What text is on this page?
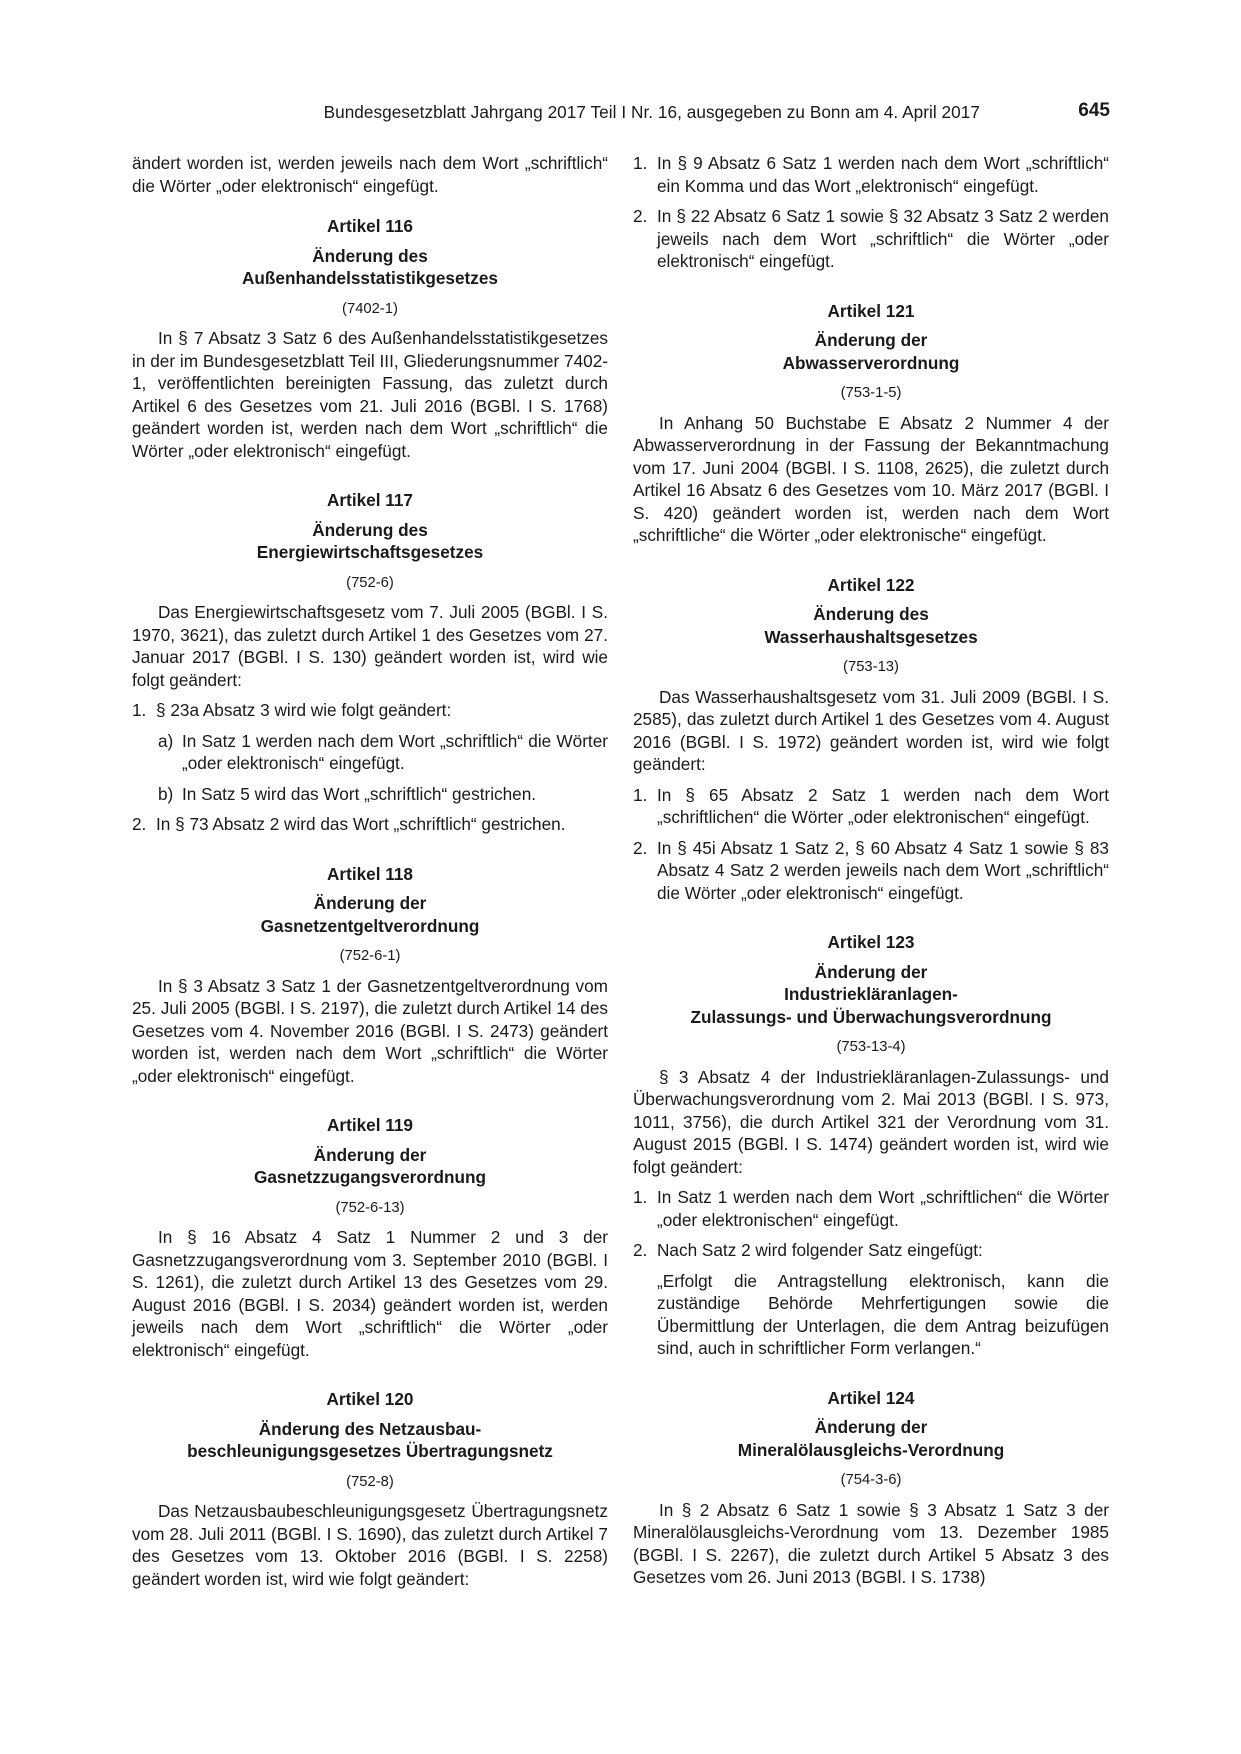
Bundesgesetzblatt Jahrgang 2017 Teil I Nr. 16, ausgegeben zu Bonn am 4. April 2017	645

ändert worden ist, werden jeweils nach dem Wort „schriftlich“ die Wörter „oder elektronisch“ eingefügt.

Artikel 116
Änderung des
Außenhandelsstatistikgesetzes
(7402-1)

In § 7 Absatz 3 Satz 6 des Außenhandelsstatistikgesetzes in der im Bundesgesetzblatt Teil III, Gliederungsnummer 7402-1, veröffentlichten bereinigten Fassung, das zuletzt durch Artikel 6 des Gesetzes vom 21. Juli 2016 (BGBl. I S. 1768) geändert worden ist, werden nach dem Wort „schriftlich“ die Wörter „oder elektronisch“ eingefügt.

Artikel 117
Änderung des
Energiewirtschaftsgesetzes
(752-6)

Das Energiewirtschaftsgesetz vom 7. Juli 2005 (BGBl. I S. 1970, 3621), das zuletzt durch Artikel 1 des Gesetzes vom 27. Januar 2017 (BGBl. I S. 130) geändert worden ist, wird wie folgt geändert:

1. § 23a Absatz 3 wird wie folgt geändert:
a) In Satz 1 werden nach dem Wort „schriftlich“ die Wörter „oder elektronisch“ eingefügt.
b) In Satz 5 wird das Wort „schriftlich“ gestrichen.
2. In § 73 Absatz 2 wird das Wort „schriftlich“ gestrichen.
Artikel 118
Änderung der
Gasnetzentgeltverordnung
(752-6-1)

In § 3 Absatz 3 Satz 1 der Gasnetzentgeltverordnung vom 25. Juli 2005 (BGBl. I S. 2197), die zuletzt durch Artikel 14 des Gesetzes vom 4. November 2016 (BGBl. I S. 2473) geändert worden ist, werden nach dem Wort „schriftlich“ die Wörter „oder elektronisch“ eingefügt.

Artikel 119
Änderung der
Gasnetzzugangsverordnung
(752-6-13)

In § 16 Absatz 4 Satz 1 Nummer 2 und 3 der Gasnetzzugangsverordnung vom 3. September 2010 (BGBl. I S. 1261), die zuletzt durch Artikel 13 des Gesetzes vom 29. August 2016 (BGBl. I S. 2034) geändert worden ist, werden jeweils nach dem Wort „schriftlich“ die Wörter „oder elektronisch“ eingefügt.

Artikel 120
Änderung des Netzausbau-
beschleunigungsgesetzes Übertragungsnetz
(752-8)

Das Netzausbaubeschleunigungsgesetz Übertragungsnetz vom 28. Juli 2011 (BGBl. I S. 1690), das zuletzt durch Artikel 7 des Gesetzes vom 13. Oktober 2016 (BGBl. I S. 2258) geändert worden ist, wird wie folgt geändert:

1. In § 9 Absatz 6 Satz 1 werden nach dem Wort „schriftlich“ ein Komma und das Wort „elektronisch“ eingefügt.
2. In § 22 Absatz 6 Satz 1 sowie § 32 Absatz 3 Satz 2 werden jeweils nach dem Wort „schriftlich“ die Wörter „oder elektronisch“ eingefügt.
Artikel 121
Änderung der
Abwasserverordnung
(753-1-5)

In Anhang 50 Buchstabe E Absatz 2 Nummer 4 der Abwasserverordnung in der Fassung der Bekanntmachung vom 17. Juni 2004 (BGBl. I S. 1108, 2625), die zuletzt durch Artikel 16 Absatz 6 des Gesetzes vom 10. März 2017 (BGBl. I S. 420) geändert worden ist, werden nach dem Wort „schriftliche“ die Wörter „oder elektronische“ eingefügt.

Artikel 122
Änderung des
Wasserhaushaltsgesetzes
(753-13)

Das Wasserhaushaltsgesetz vom 31. Juli 2009 (BGBl. I S. 2585), das zuletzt durch Artikel 1 des Gesetzes vom 4. August 2016 (BGBl. I S. 1972) geändert worden ist, wird wie folgt geändert:

1. In § 65 Absatz 2 Satz 1 werden nach dem Wort „schriftlichen“ die Wörter „oder elektronischen“ eingefügt.
2. In § 45i Absatz 1 Satz 2, § 60 Absatz 4 Satz 1 sowie § 83 Absatz 4 Satz 2 werden jeweils nach dem Wort „schriftlich“ die Wörter „oder elektronisch“ eingefügt.
Artikel 123
Änderung der
Industriekläranlagen-
Zulassungs- und Überwachungsverordnung
(753-13-4)

§ 3 Absatz 4 der Industriekläranlagen-Zulassungs- und Überwachungsverordnung vom 2. Mai 2013 (BGBl. I S. 973, 1011, 3756), die durch Artikel 321 der Verordnung vom 31. August 2015 (BGBl. I S. 1474) geändert worden ist, wird wie folgt geändert:

1. In Satz 1 werden nach dem Wort „schriftlichen“ die Wörter „oder elektronischen“ eingefügt.
2. Nach Satz 2 wird folgender Satz eingefügt:

„Erfolgt die Antragstellung elektronisch, kann die zuständige Behörde Mehrfertigungen sowie die Übermittlung der Unterlagen, die dem Antrag beizufügen sind, auch in schriftlicher Form verlangen.“

Artikel 124
Änderung der
Mineralölausgleichs-Verordnung
(754-3-6)

In § 2 Absatz 6 Satz 1 sowie § 3 Absatz 1 Satz 3 der Mineralölausgleichs-Verordnung vom 13. Dezember 1985 (BGBl. I S. 2267), die zuletzt durch Artikel 5 Absatz 3 des Gesetzes vom 26. Juni 2013 (BGBl. I S. 1738)
